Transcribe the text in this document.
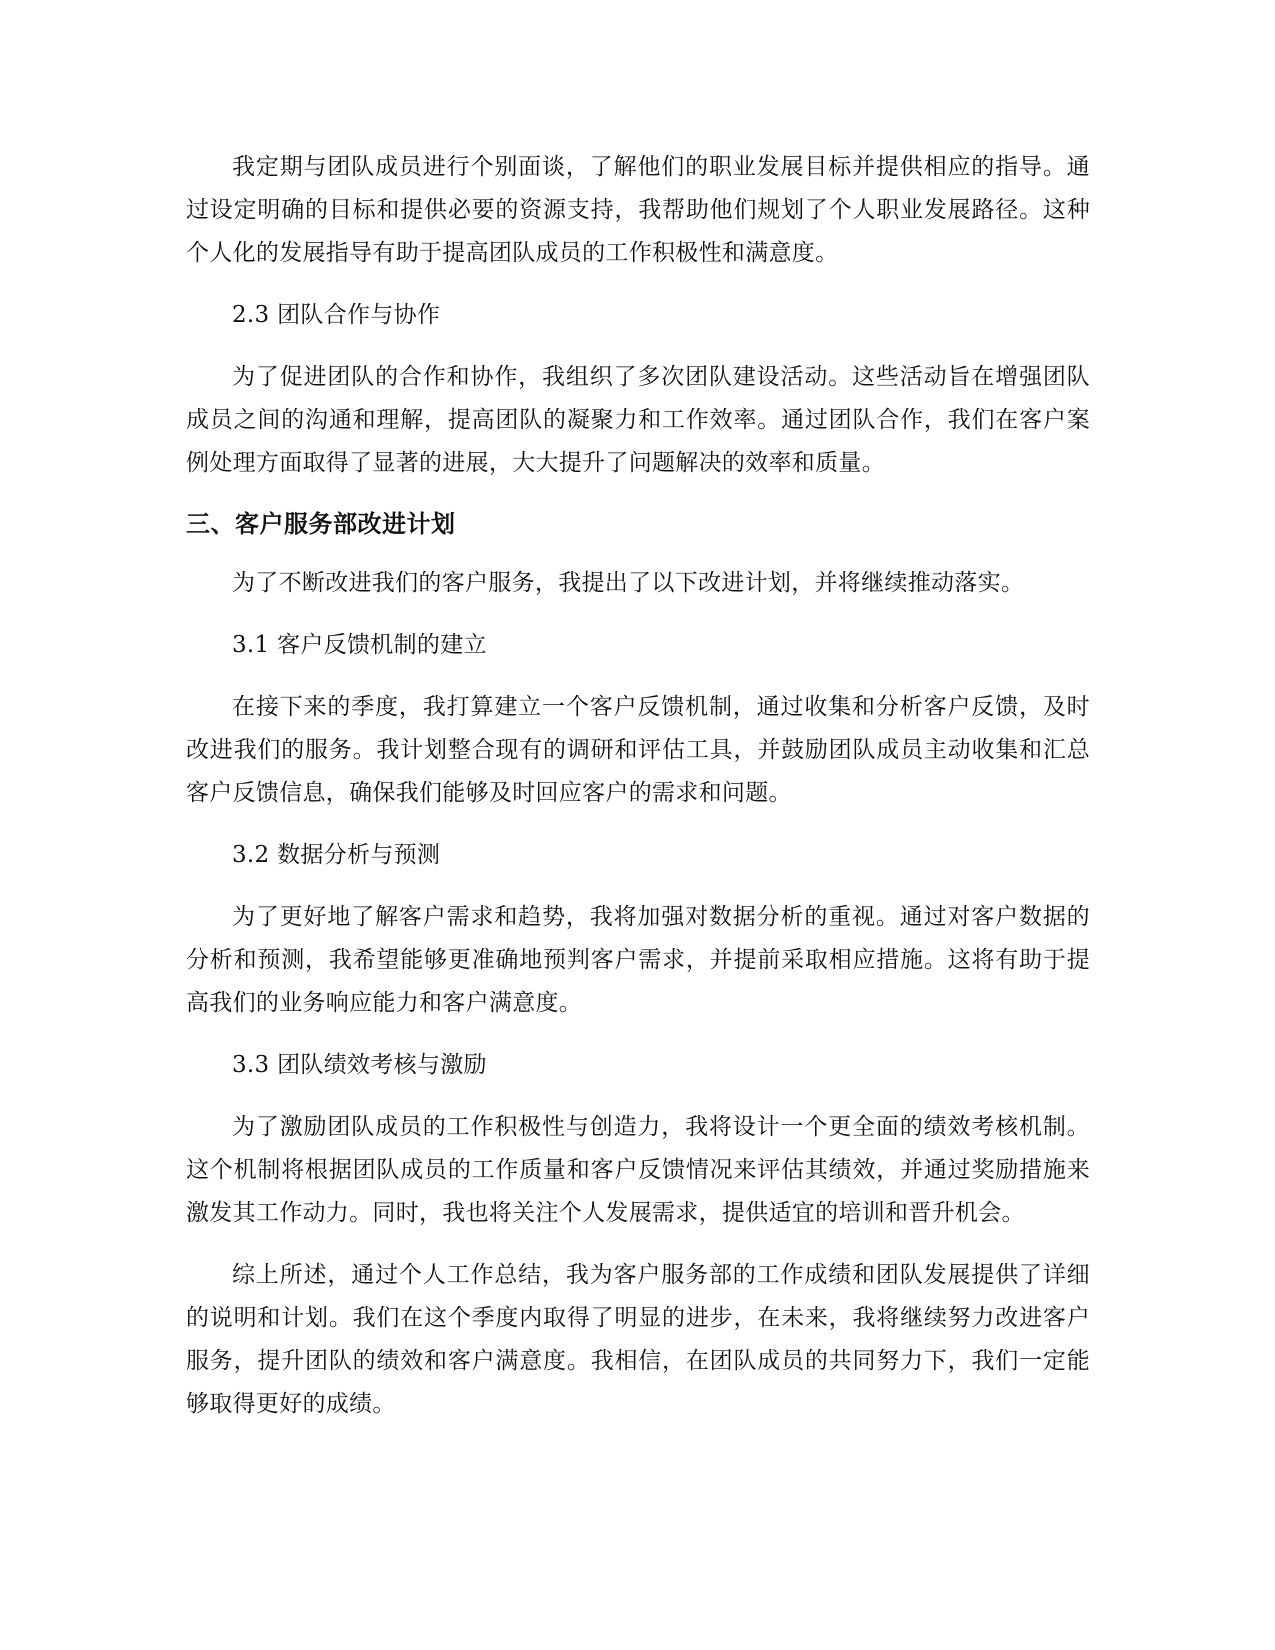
我定期与团队成员进行个别面谈，了解他们的职业发展目标并提供相应的指导。通过设定明确的目标和提供必要的资源支持，我帮助他们规划了个人职业发展路径。这种个人化的发展指导有助于提高团队成员的工作积极性和满意度。

2.3 团队合作与协作

为了促进团队的合作和协作，我组织了多次团队建设活动。这些活动旨在增强团队成员之间的沟通和理解，提高团队的凝聚力和工作效率。通过团队合作，我们在客户案例处理方面取得了显著的进展，大大提升了问题解决的效率和质量。

三、客户服务部改进计划

为了不断改进我们的客户服务，我提出了以下改进计划，并将继续推动落实。

3.1 客户反馈机制的建立

在接下来的季度，我打算建立一个客户反馈机制，通过收集和分析客户反馈，及时改进我们的服务。我计划整合现有的调研和评估工具，并鼓励团队成员主动收集和汇总客户反馈信息，确保我们能够及时回应客户的需求和问题。

3.2 数据分析与预测

为了更好地了解客户需求和趋势，我将加强对数据分析的重视。通过对客户数据的分析和预测，我希望能够更准确地预判客户需求，并提前采取相应措施。这将有助于提高我们的业务响应能力和客户满意度。

3.3 团队绩效考核与激励

为了激励团队成员的工作积极性与创造力，我将设计一个更全面的绩效考核机制。这个机制将根据团队成员的工作质量和客户反馈情况来评估其绩效，并通过奖励措施来激发其工作动力。同时，我也将关注个人发展需求，提供适宜的培训和晋升机会。

综上所述，通过个人工作总结，我为客户服务部的工作成绩和团队发展提供了详细的说明和计划。我们在这个季度内取得了明显的进步，在未来，我将继续努力改进客户服务，提升团队的绩效和客户满意度。我相信，在团队成员的共同努力下，我们一定能够取得更好的成绩。
